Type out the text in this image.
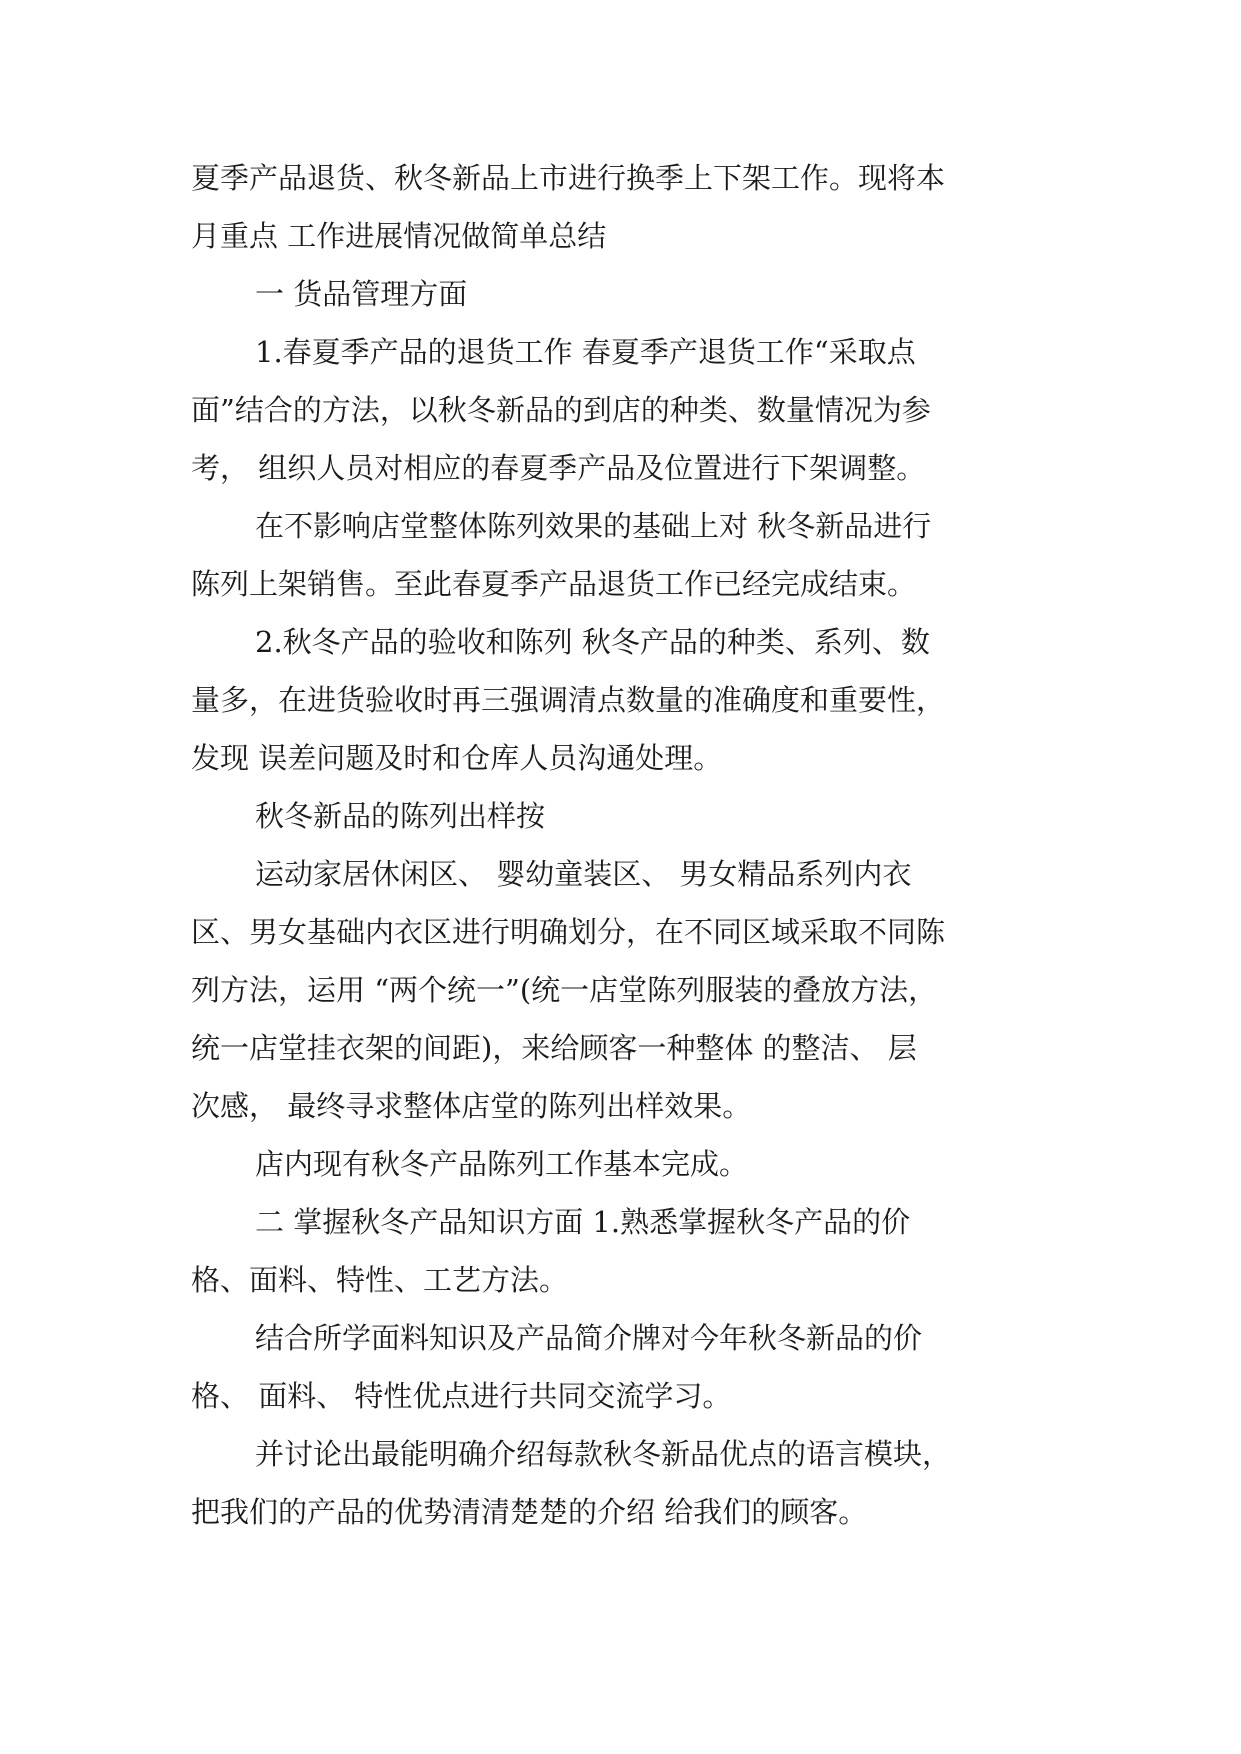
夏季产品退货、秋冬新品上市进行换季上下架工作。现将本
月重点 工作进展情况做简单总结
一 货品管理方面
1.春夏季产品的退货工作 春夏季产退货工作“采取点
面”结合的方法，以秋冬新品的到店的种类、数量情况为参
考， 组织人员对相应的春夏季产品及位置进行下架调整。
在不影响店堂整体陈列效果的基础上对 秋冬新品进行
陈列上架销售。至此春夏季产品退货工作已经完成结束。
2.秋冬产品的验收和陈列 秋冬产品的种类、系列、数
量多，在进货验收时再三强调清点数量的准确度和重要性，
发现 误差问题及时和仓库人员沟通处理。
秋冬新品的陈列出样按
运动家居休闲区、 婴幼童装区、 男女精品系列内衣
区、男女基础内衣区进行明确划分，在不同区域采取不同陈
列方法，运用 “两个统一”(统一店堂陈列服装的叠放方法，
统一店堂挂衣架的间距)，来给顾客一种整体 的整洁、 层
次感， 最终寻求整体店堂的陈列出样效果。
店内现有秋冬产品陈列工作基本完成。
二 掌握秋冬产品知识方面 1.熟悉掌握秋冬产品的价
格、面料、特性、工艺方法。
结合所学面料知识及产品简介牌对今年秋冬新品的价
格、 面料、 特性优点进行共同交流学习。
并讨论出最能明确介绍每款秋冬新品优点的语言模块，
把我们的产品的优势清清楚楚的介绍 给我们的顾客。
